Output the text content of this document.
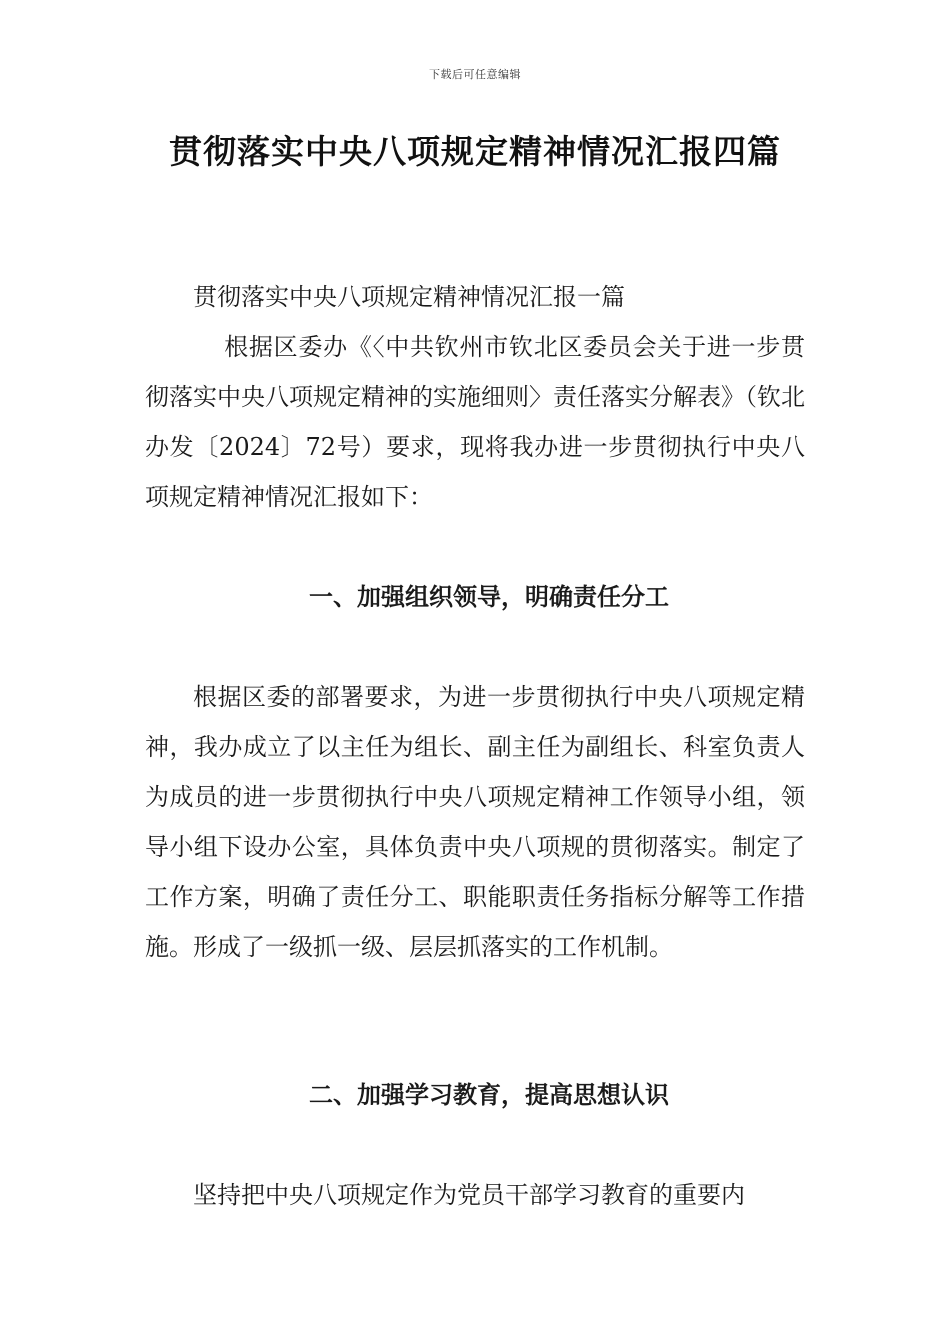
下载后可任意编辑
贯彻落实中央八项规定精神情况汇报四篇

贯彻落实中央八项规定精神情况汇报一篇

根据区委办《〈中共钦州市钦北区委员会关于进一步贯彻落实中央八项规定精神的实施细则〉责任落实分解表》（钦北办发〔2024〕72号）要求，现将我办进一步贯彻执行中央八项规定精神情况汇报如下：

一、加强组织领导，明确责任分工

根据区委的部署要求，为进一步贯彻执行中央八项规定精神，我办成立了以主任为组长、副主任为副组长、科室负责人为成员的进一步贯彻执行中央八项规定精神工作领导小组，领导小组下设办公室，具体负责中央八项规的贯彻落实。制定了工作方案，明确了责任分工、职能职责任务指标分解等工作措施。形成了一级抓一级、层层抓落实的工作机制。

二、加强学习教育，提高思想认识

坚持把中央八项规定作为党员干部学习教育的重要内
